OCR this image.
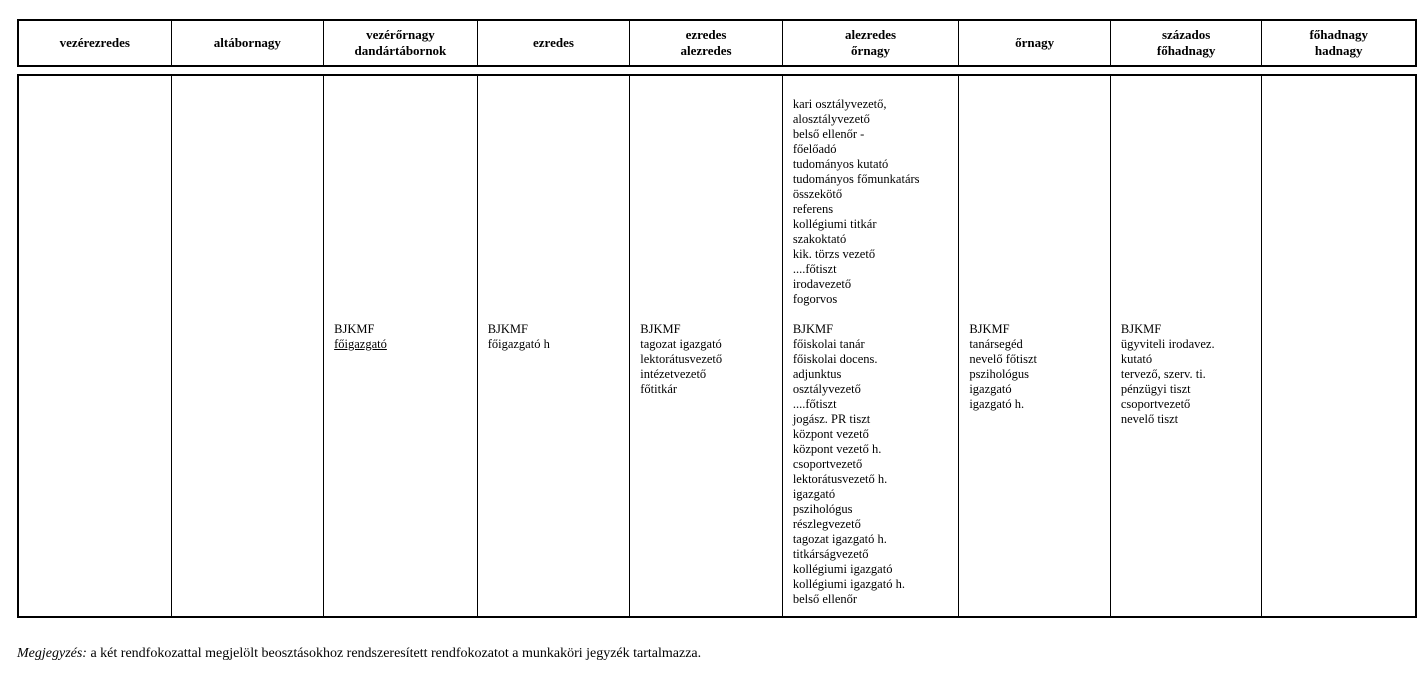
vezérezredes	altábornagy
vezérőrnagy
dandártábornok
ezredes
ezredes
alezredes
alezredes
őrnagy
őrnagy
százados
főhadnagy
főhadnagy
hadnagy
BJKMF
főigazgató
BJKMF
főigazgató h
BJKMF
tagozat igazgató
lektorátusvezető
intézetvezető
főtitkár
kari osztályvezető,
alosztályvezető
belső ellenőr -
főelőadó
tudományos kutató
tudományos főmunkatárs
összekötő
referens
kollégiumi titkár
szakoktató
kik. törzs vezető
....főtiszt
irodavezető
fogorvos
BJKMF
főiskolai tanár
főiskolai docens.
adjunktus
osztályvezető
....főtiszt
jogász. PR tiszt
központ vezető
központ vezető h.
csoportvezető
lektorátusvezető h.
igazgató
pszihológus
részlegvezető
tagozat igazgató h.
titkárságvezető
kollégiumi igazgató
kollégiumi igazgató h.
belső ellenőr
BJKMF
tanársegéd
nevelő főtiszt
pszihológus
igazgató
igazgató h.
BJKMF
ügyviteli irodavez.
kutató
tervező, szerv. ti.
pénzügyi tiszt
csoportvezető
nevelő tiszt
Megjegyzés: a két rendfokozattal megjelölt beosztásokhoz rendszeresített rendfokozatot a munkaköri jegyzék tartalmazza.
